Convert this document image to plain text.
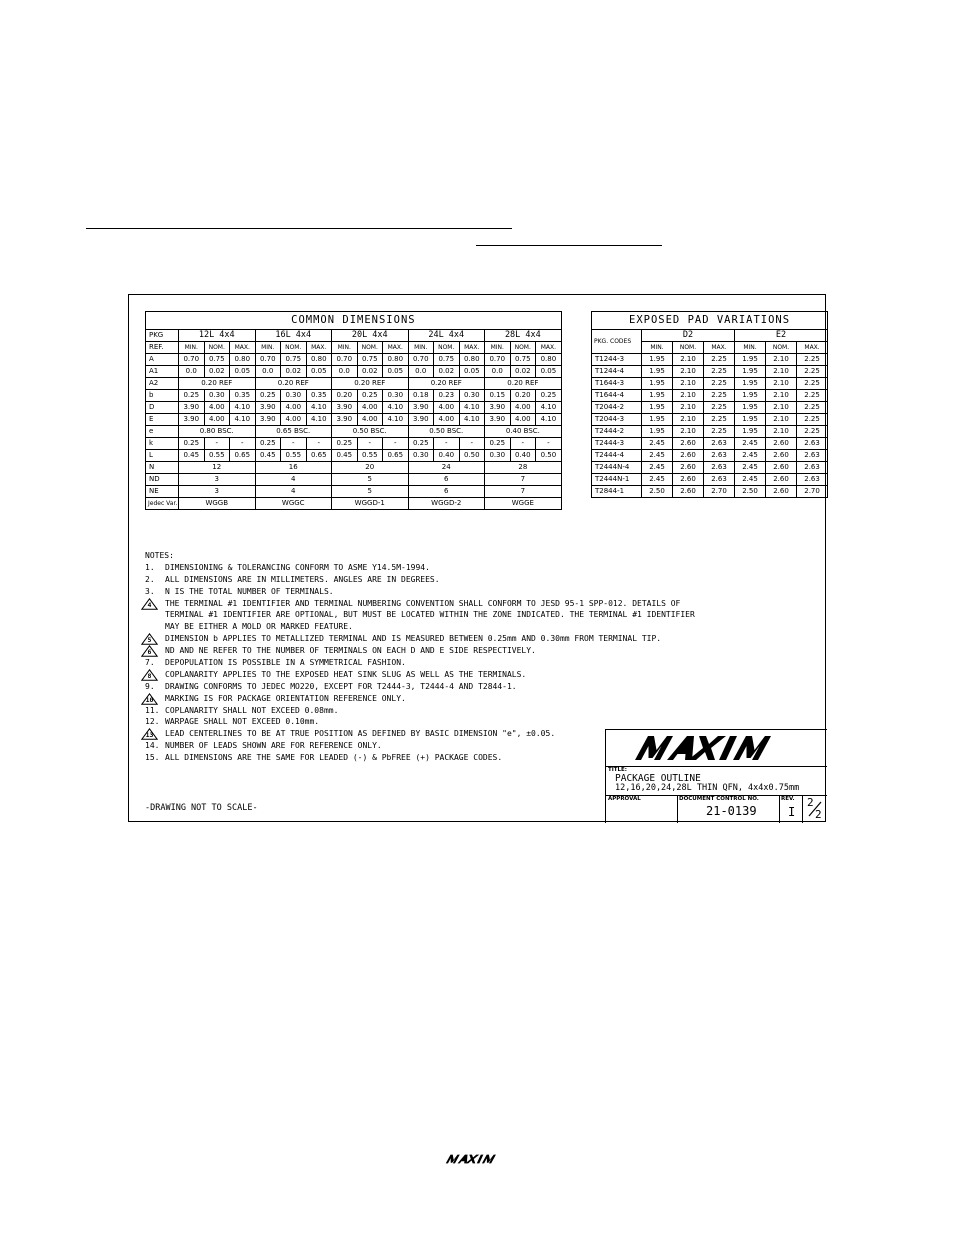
COMMON DIMENSIONS															
PKG	12L 4x4			16L 4x4			20L 4x4			24L 4x4			28L 4x4		
REF.	MIN.	NOM.	MAX.	MIN.	NOM.	MAX.	MIN.	NOM.	MAX.	MIN.	NOM.	MAX.	MIN.	NOM.	MAX.
A	0.70	0.75	0.80	0.70	0.75	0.80	0.70	0.75	0.80	0.70	0.75	0.80	0.70	0.75	0.80
A1	0.0	0.02	0.05	0.0	0.02	0.05	0.0	0.02	0.05	0.0	0.02	0.05	0.0	0.02	0.05
A2	0.20 REF			0.20 REF			0.20 REF			0.20 REF			0.20 REF		
b	0.25	0.30	0.35	0.25	0.30	0.35	0.20	0.25	0.30	0.18	0.23	0.30	0.15	0.20	0.25
D	3.90	4.00	4.10	3.90	4.00	4.10	3.90	4.00	4.10	3.90	4.00	4.10	3.90	4.00	4.10
E	3.90	4.00	4.10	3.90	4.00	4.10	3.90	4.00	4.10	3.90	4.00	4.10	3.90	4.00	4.10
e	0.80 BSC.			0.65 BSC.			0.50 BSC.			0.50 BSC.			0.40 BSC.		
k	0.25	-	-	0.25	-	-	0.25	-	-	0.25	-	-	0.25	-	-
L	0.45	0.55	0.65	0.45	0.55	0.65	0.45	0.55	0.65	0.30	0.40	0.50	0.30	0.40	0.50
N	12			16			20			24			28		
ND	3			4			5			6			7		
NE	3			4			5			6			7		
Jedec Var.	WGGB			WGGC			WGGD-1			WGGD-2			WGGE		
EXPOSED PAD VARIATIONS						
PKG. CODES	D2			E2		
	MIN.	NOM.	MAX.	MIN.	NOM.	MAX.
T1244-3	1.95	2.10	2.25	1.95	2.10	2.25
T1244-4	1.95	2.10	2.25	1.95	2.10	2.25
T1644-3	1.95	2.10	2.25	1.95	2.10	2.25
T1644-4	1.95	2.10	2.25	1.95	2.10	2.25
T2044-2	1.95	2.10	2.25	1.95	2.10	2.25
T2044-3	1.95	2.10	2.25	1.95	2.10	2.25
T2444-2	1.95	2.10	2.25	1.95	2.10	2.25
T2444-3	2.45	2.60	2.63	2.45	2.60	2.63
T2444-4	2.45	2.60	2.63	2.45	2.60	2.63
T2444N-4	2.45	2.60	2.63	2.45	2.60	2.63
T2444N-1	2.45	2.60	2.63	2.45	2.60	2.63
T2844-1	2.50	2.60	2.70	2.50	2.60	2.70
NOTES:
1. DIMENSIONING & TOLERANCING CONFORM TO ASME Y14.5M-1994.
2. ALL DIMENSIONS ARE IN MILLIMETERS. ANGLES ARE IN DEGREES.
3. N IS THE TOTAL NUMBER OF TERMINALS.
4	THE TERMINAL #1 IDENTIFIER AND TERMINAL NUMBERING CONVENTION SHALL CONFORM TO JESD 95-1 SPP-012. DETAILS OF
TERMINAL #1 IDENTIFIER ARE OPTIONAL, BUT MUST BE LOCATED WITHIN THE ZONE INDICATED. THE TERMINAL #1 IDENTIFIER
MAY BE EITHER A MOLD OR MARKED FEATURE.
5	DIMENSION b APPLIES TO METALLIZED TERMINAL AND IS MEASURED BETWEEN 0.25mm AND 0.30mm FROM TERMINAL TIP.
6	ND AND NE REFER TO THE NUMBER OF TERMINALS ON EACH D AND E SIDE RESPECTIVELY.
7. DEPOPULATION IS POSSIBLE IN A SYMMETRICAL FASHION.
8	COPLANARITY APPLIES TO THE EXPOSED HEAT SINK SLUG AS WELL AS THE TERMINALS.
9. DRAWING CONFORMS TO JEDEC MO220, EXCEPT FOR T2444-3, T2444-4 AND T2844-1.
10	MARKING IS FOR PACKAGE ORIENTATION REFERENCE ONLY.
11. COPLANARITY SHALL NOT EXCEED 0.08mm.
12. WARPAGE SHALL NOT EXCEED 0.10mm.
13	LEAD CENTERLINES TO BE AT TRUE POSITION AS DEFINED BY BASIC DIMENSION "e", ±0.05.
14. NUMBER OF LEADS SHOWN ARE FOR REFERENCE ONLY.
15. ALL DIMENSIONS ARE THE SAME FOR LEADED (-) & PbFREE (+) PACKAGE CODES.
-DRAWING NOT TO SCALE-
TITLE:
PACKAGE OUTLINE
12,16,20,24,28L THIN QFN, 4x4x0.75mm
APPROVAL	DOCUMENT CONTROL NO.
21-0139
REV.
I
2
2
